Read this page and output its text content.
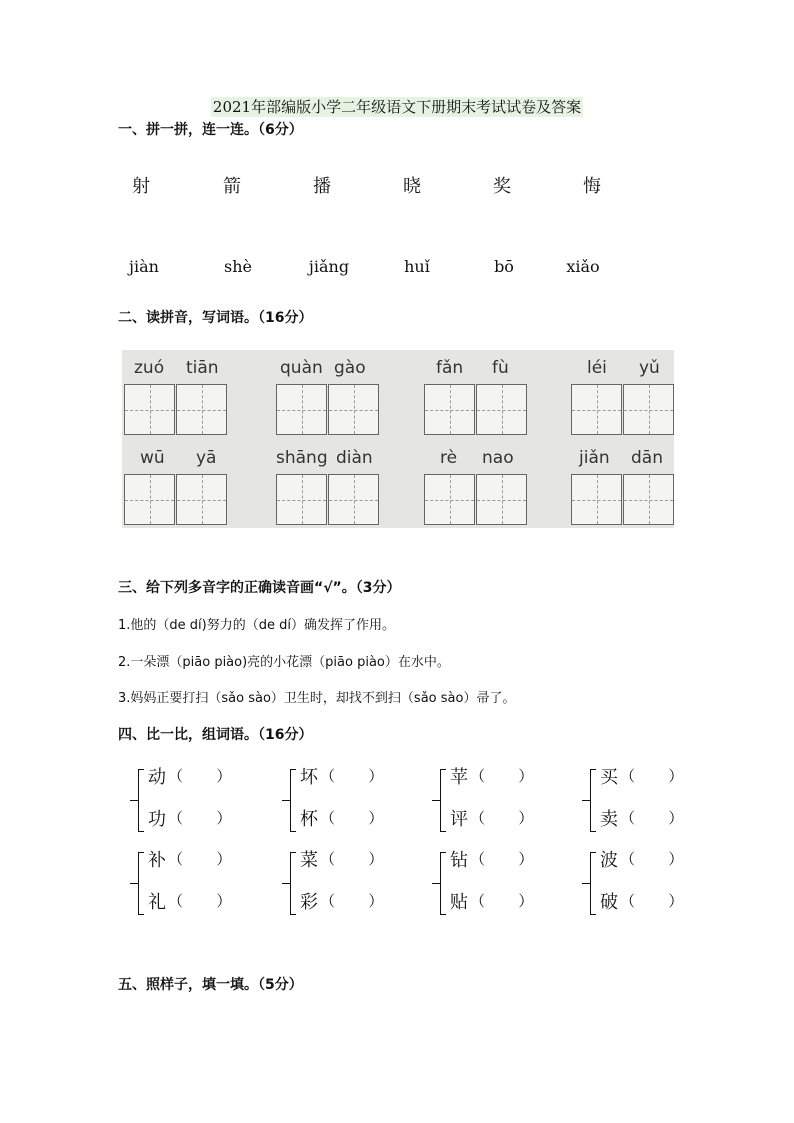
2021年部编版小学二年级语文下册期末考试试卷及答案
一、拼一拼，连一连。（6分）
射	箭	播	晓	奖	悔
jiàn	shè	jiǎng	huǐ	bō	xiǎo
二、读拼音，写词语。（16分）
zuó tiān	quàn gào	fǎn fù	léi yǔ
wū yā	shāng diàn	rè nao	jiǎn dān
三、给下列多音字的正确读音画“√”。（3分）
1.他的（de dí)努力的（de dí）确发挥了作用。
2.一朵漂（piāo piào)亮的小花漂（piāo piào）在水中。
3.妈妈正要打扫（sǎo sào）卫生时，却找不到扫（sǎo sào）帚了。
四、比一比，组词语。（16分）
动 （       ）
功 （       ）
坏 （       ）
杯 （       ）
苹 （       ）
评 （       ）
买 （       ）
卖 （       ）
补 （       ）
礼 （       ）
菜 （       ）
彩 （       ）
钻 （       ）
贴 （       ）
波 （       ）
破 （       ）
五、照样子，填一填。（5分）
